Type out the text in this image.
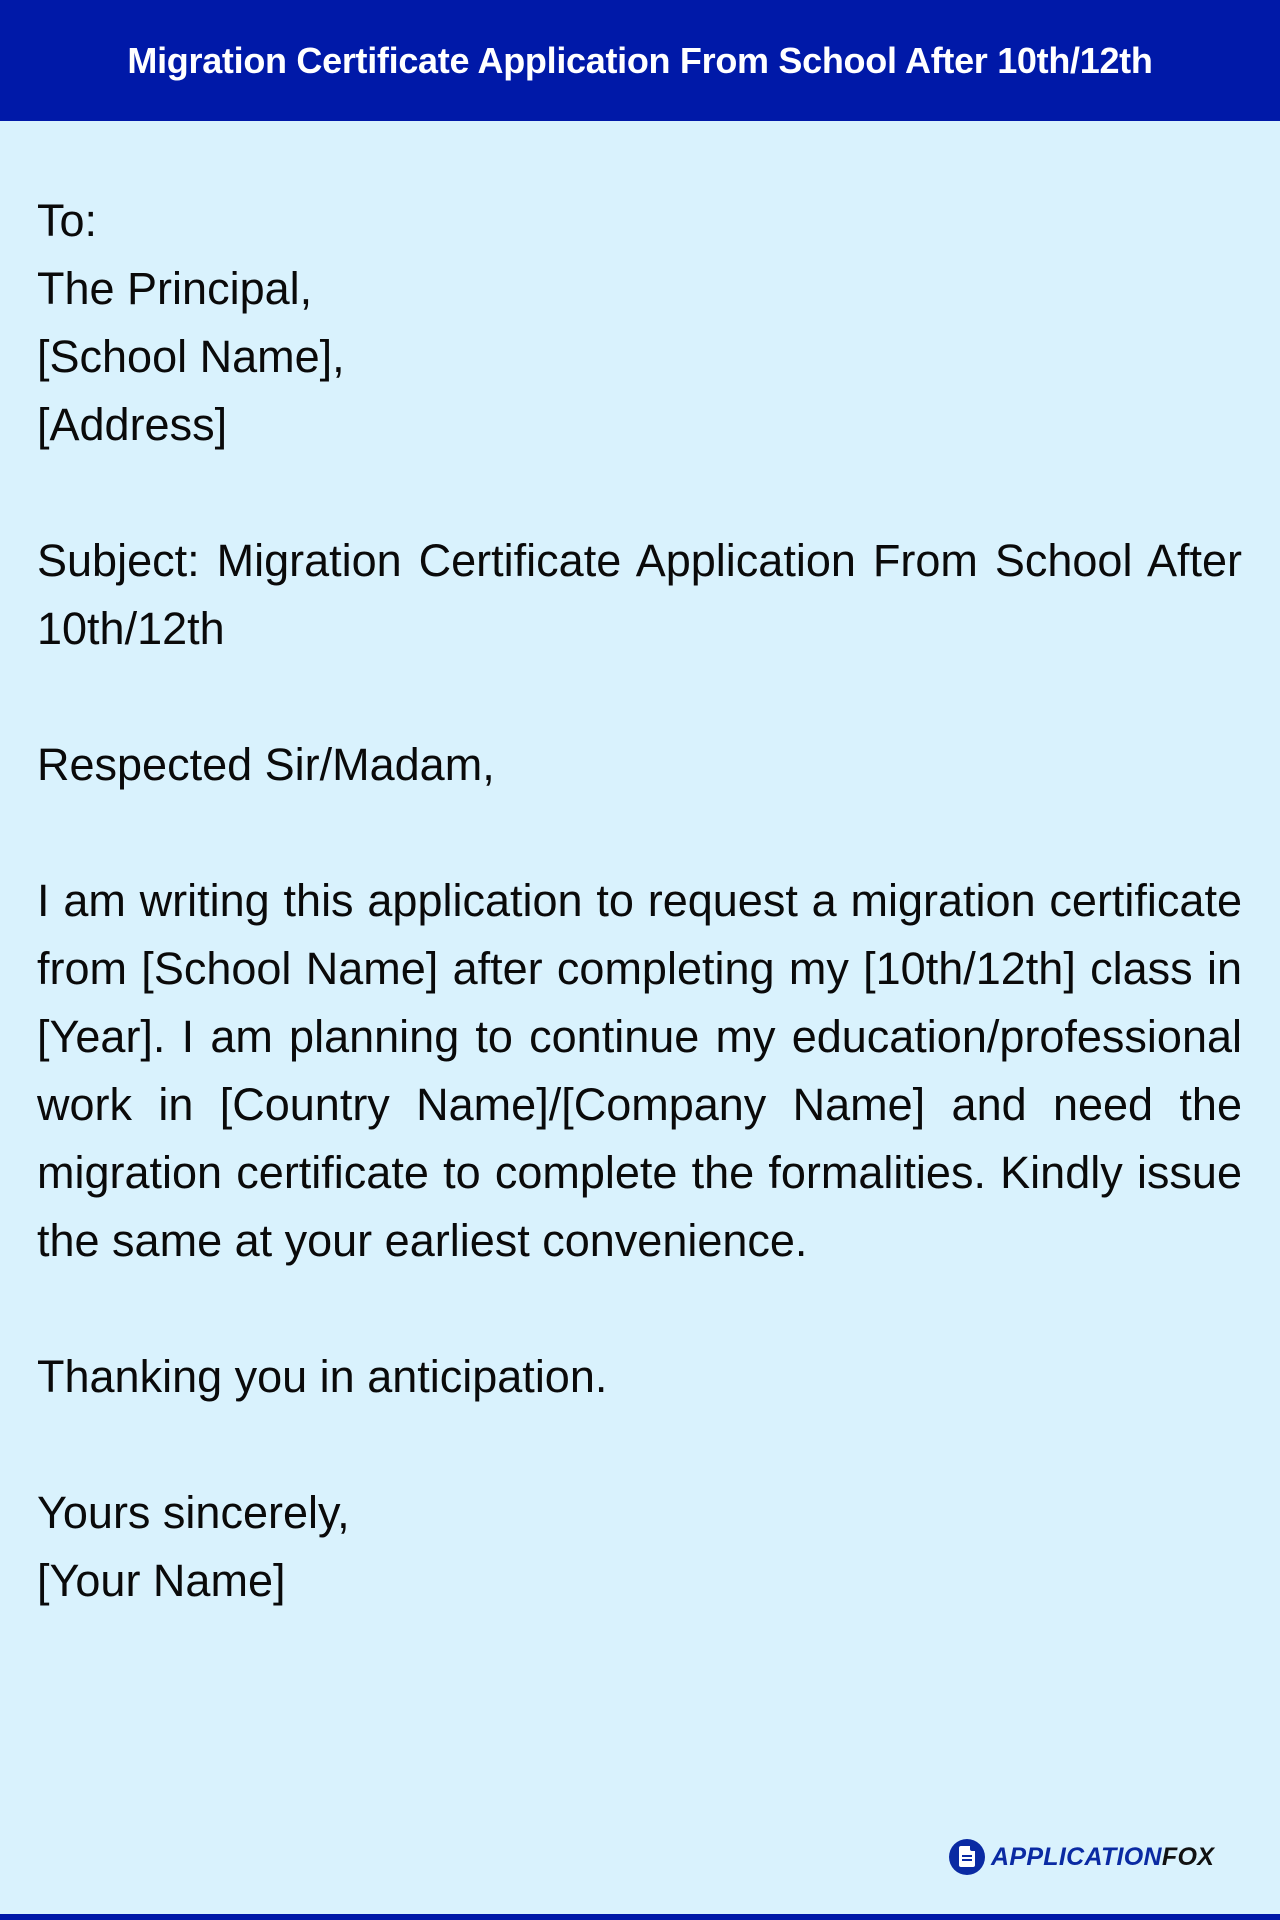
Migration Certificate Application From School After 10th/12th
To:
The Principal,
[School Name],
[Address]
Subject: Migration Certificate Application From School After 10th/12th
Respected Sir/Madam,
I am writing this application to request a migration certificate from [School Name] after completing my [10th/12th] class in [Year]. I am planning to continue my education/professional work in [Country Name]/[Company Name] and need the migration certificate to complete the formalities. Kindly issue the same at your earliest convenience.
Thanking you in anticipation.
Yours sincerely,
[Your Name]
APPLICATIONFOX
